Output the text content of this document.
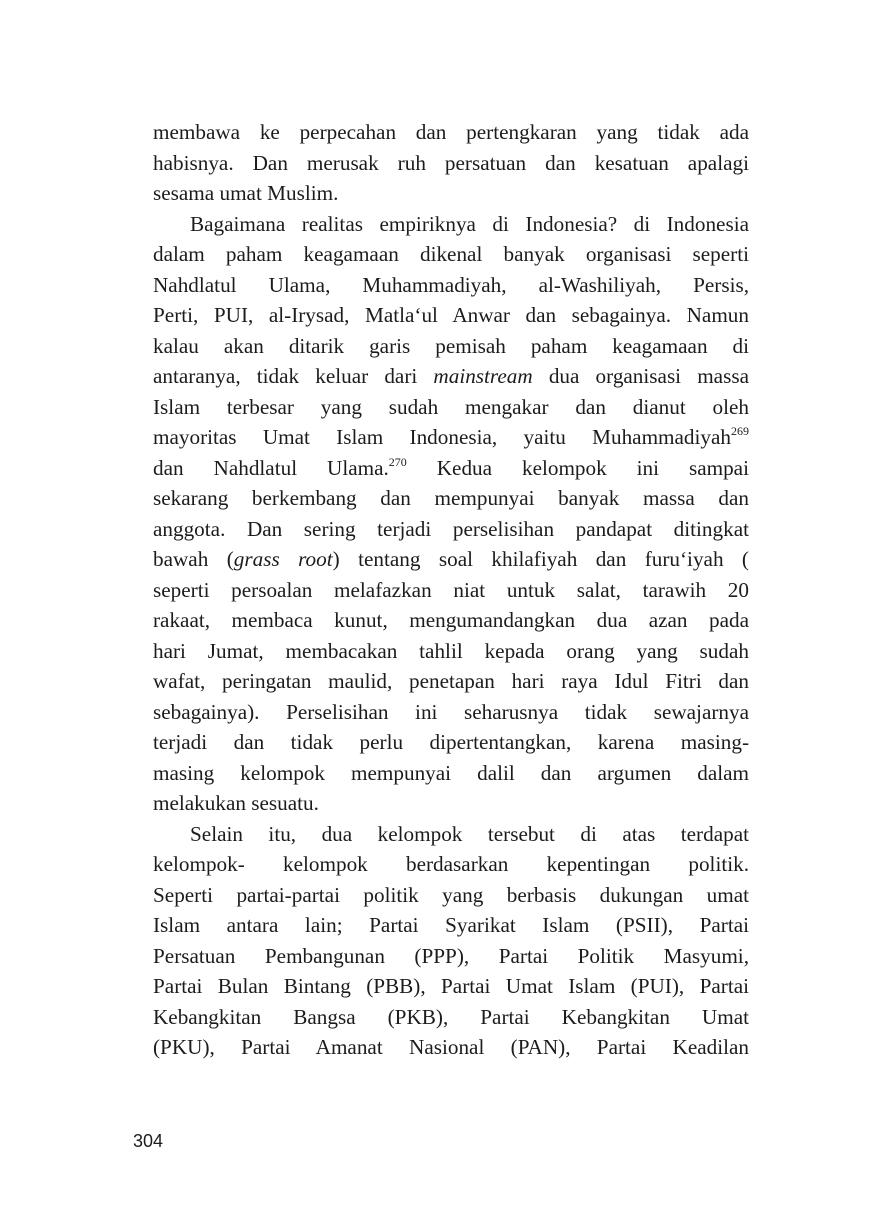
membawa ke perpecahan dan pertengkaran yang tidak ada
habisnya. Dan merusak ruh persatuan dan kesatuan apalagi
sesama umat Muslim.
Bagaimana realitas empiriknya di Indonesia? di Indonesia
dalam paham keagamaan dikenal banyak organisasi seperti
Nahdlatul Ulama, Muhammadiyah, al-Washiliyah, Persis,
Perti, PUI, al-Irysad, Matla‘ul Anwar dan sebagainya. Namun
kalau akan ditarik garis pemisah paham keagamaan di
antaranya, tidak keluar dari mainstream dua organisasi massa
Islam terbesar yang sudah mengakar dan dianut oleh
mayoritas Umat Islam Indonesia, yaitu Muhammadiyah$^{269}$
dan Nahdlatul Ulama.$^{270}$ Kedua kelompok ini sampai
sekarang berkembang dan mempunyai banyak massa dan
anggota. Dan sering terjadi perselisihan pandapat ditingkat
bawah (grass root) tentang soal khilafiyah dan furu‘iyah (
seperti persoalan melafazkan niat untuk salat, tarawih 20
rakaat, membaca kunut, mengumandangkan dua azan pada
hari Jumat, membacakan tahlil kepada orang yang sudah
wafat, peringatan maulid, penetapan hari raya Idul Fitri dan
sebagainya). Perselisihan ini seharusnya tidak sewajarnya
terjadi dan tidak perlu dipertentangkan, karena masing-
masing kelompok mempunyai dalil dan argumen dalam
melakukan sesuatu.
Selain itu, dua kelompok tersebut di atas terdapat
kelompok- kelompok berdasarkan kepentingan politik.
Seperti partai-partai politik yang berbasis dukungan umat
Islam antara lain; Partai Syarikat Islam (PSII), Partai
Persatuan Pembangunan (PPP), Partai Politik Masyumi,
Partai Bulan Bintang (PBB), Partai Umat Islam (PUI), Partai
Kebangkitan Bangsa (PKB), Partai Kebangkitan Umat
(PKU), Partai Amanat Nasional (PAN), Partai Keadilan
304
